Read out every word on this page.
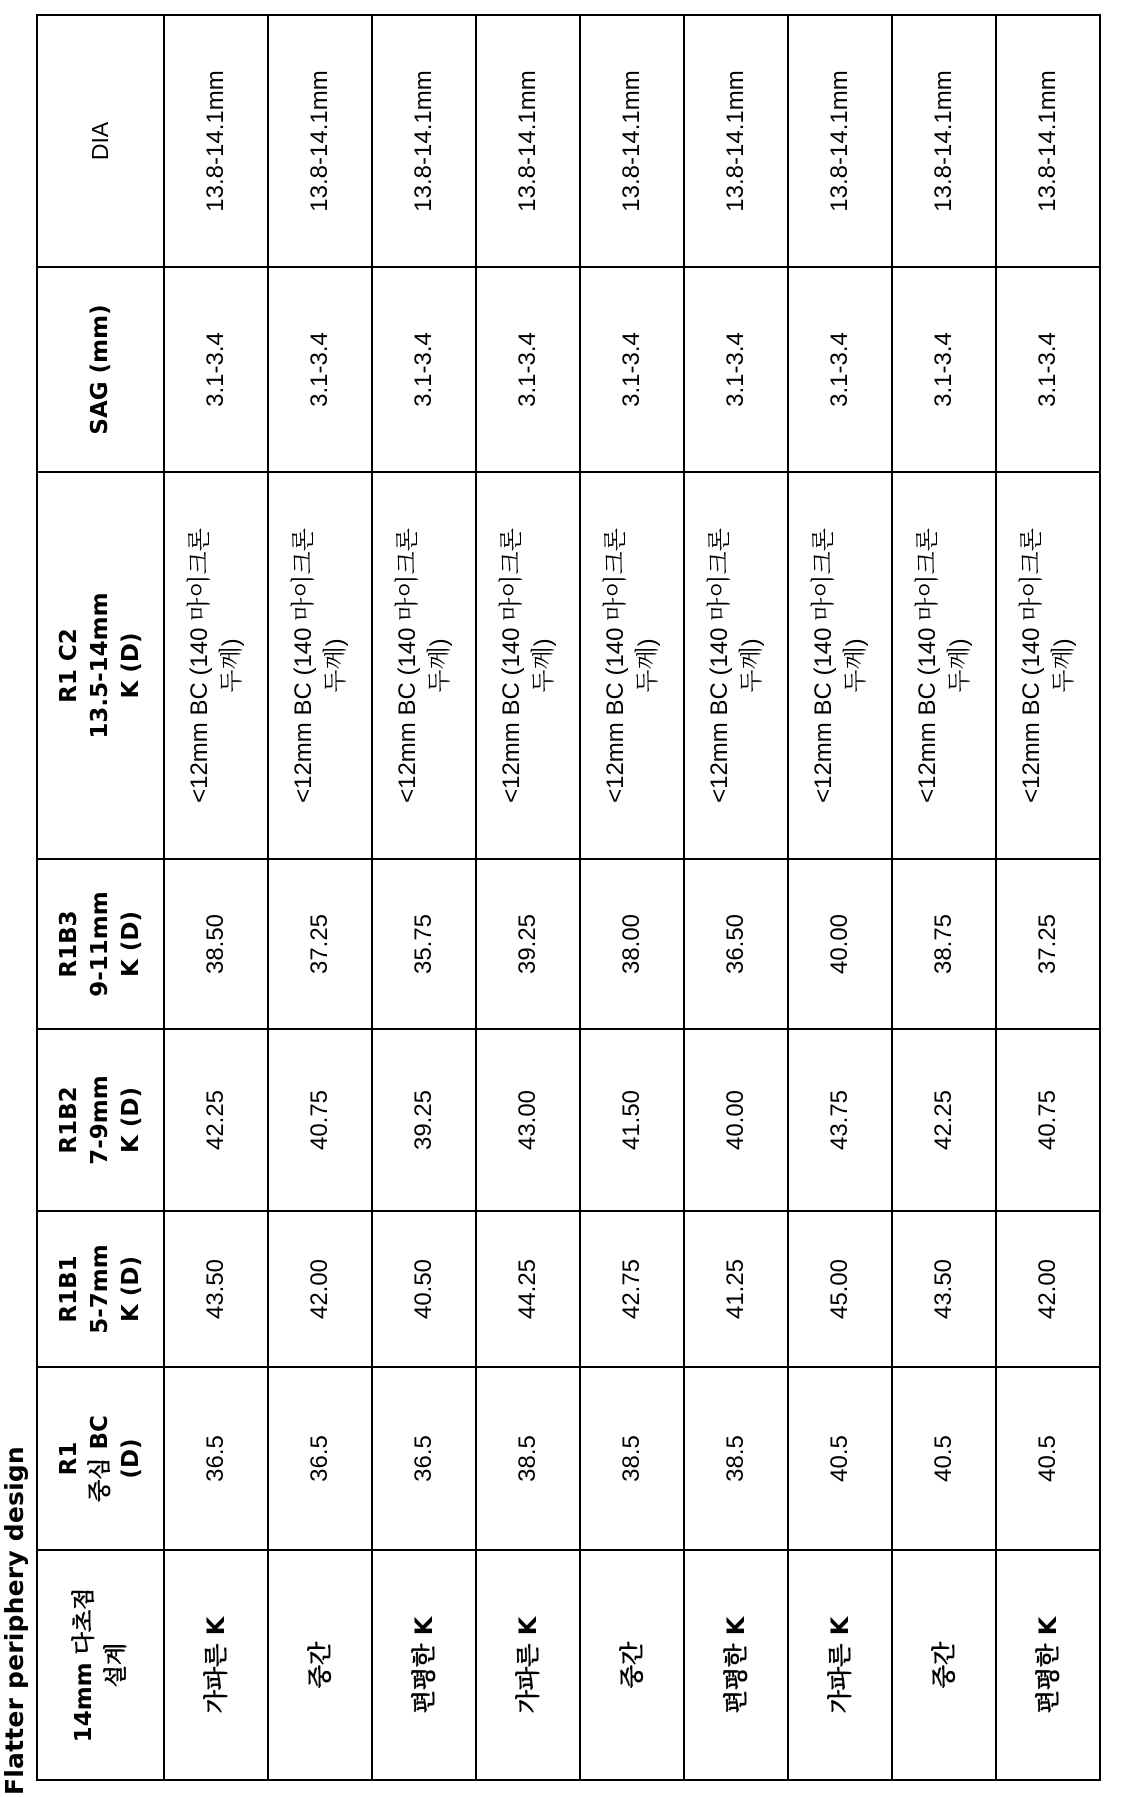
Flatter periphery design 14mm 다초점 설계	R1 중심 BC (D)	R1B1 5-7mm K (D)	R1B2 7-9mm K (D)	R1B3 9-11mm K (D)	R1 C2 13.5-14mm K (D)	SAG (mm)	DIA
가파른 K	36.5	43.50	42.25	38.50	<12mm BC (140 마이크론 두께)	3.1-3.4	13.8-14.1mm
중간	36.5	42.00	40.75	37.25	<12mm BC (140 마이크론 두께)	3.1-3.4	13.8-14.1mm
편평한 K	36.5	40.50	39.25	35.75	<12mm BC (140 마이크론 두께)	3.1-3.4	13.8-14.1mm
가파른 K	38.5	44.25	43.00	39.25	<12mm BC (140 마이크론 두께)	3.1-3.4	13.8-14.1mm
중간	38.5	42.75	41.50	38.00	<12mm BC (140 마이크론 두께)	3.1-3.4	13.8-14.1mm
편평한 K	38.5	41.25	40.00	36.50	<12mm BC (140 마이크론 두께)	3.1-3.4	13.8-14.1mm
가파른 K	40.5	45.00	43.75	40.00	<12mm BC (140 마이크론 두께)	3.1-3.4	13.8-14.1mm
중간	40.5	43.50	42.25	38.75	<12mm BC (140 마이크론 두께)	3.1-3.4	13.8-14.1mm
편평한 K	40.5	42.00	40.75	37.25	<12mm BC (140 마이크론 두께)	3.1-3.4	13.8-14.1mm
